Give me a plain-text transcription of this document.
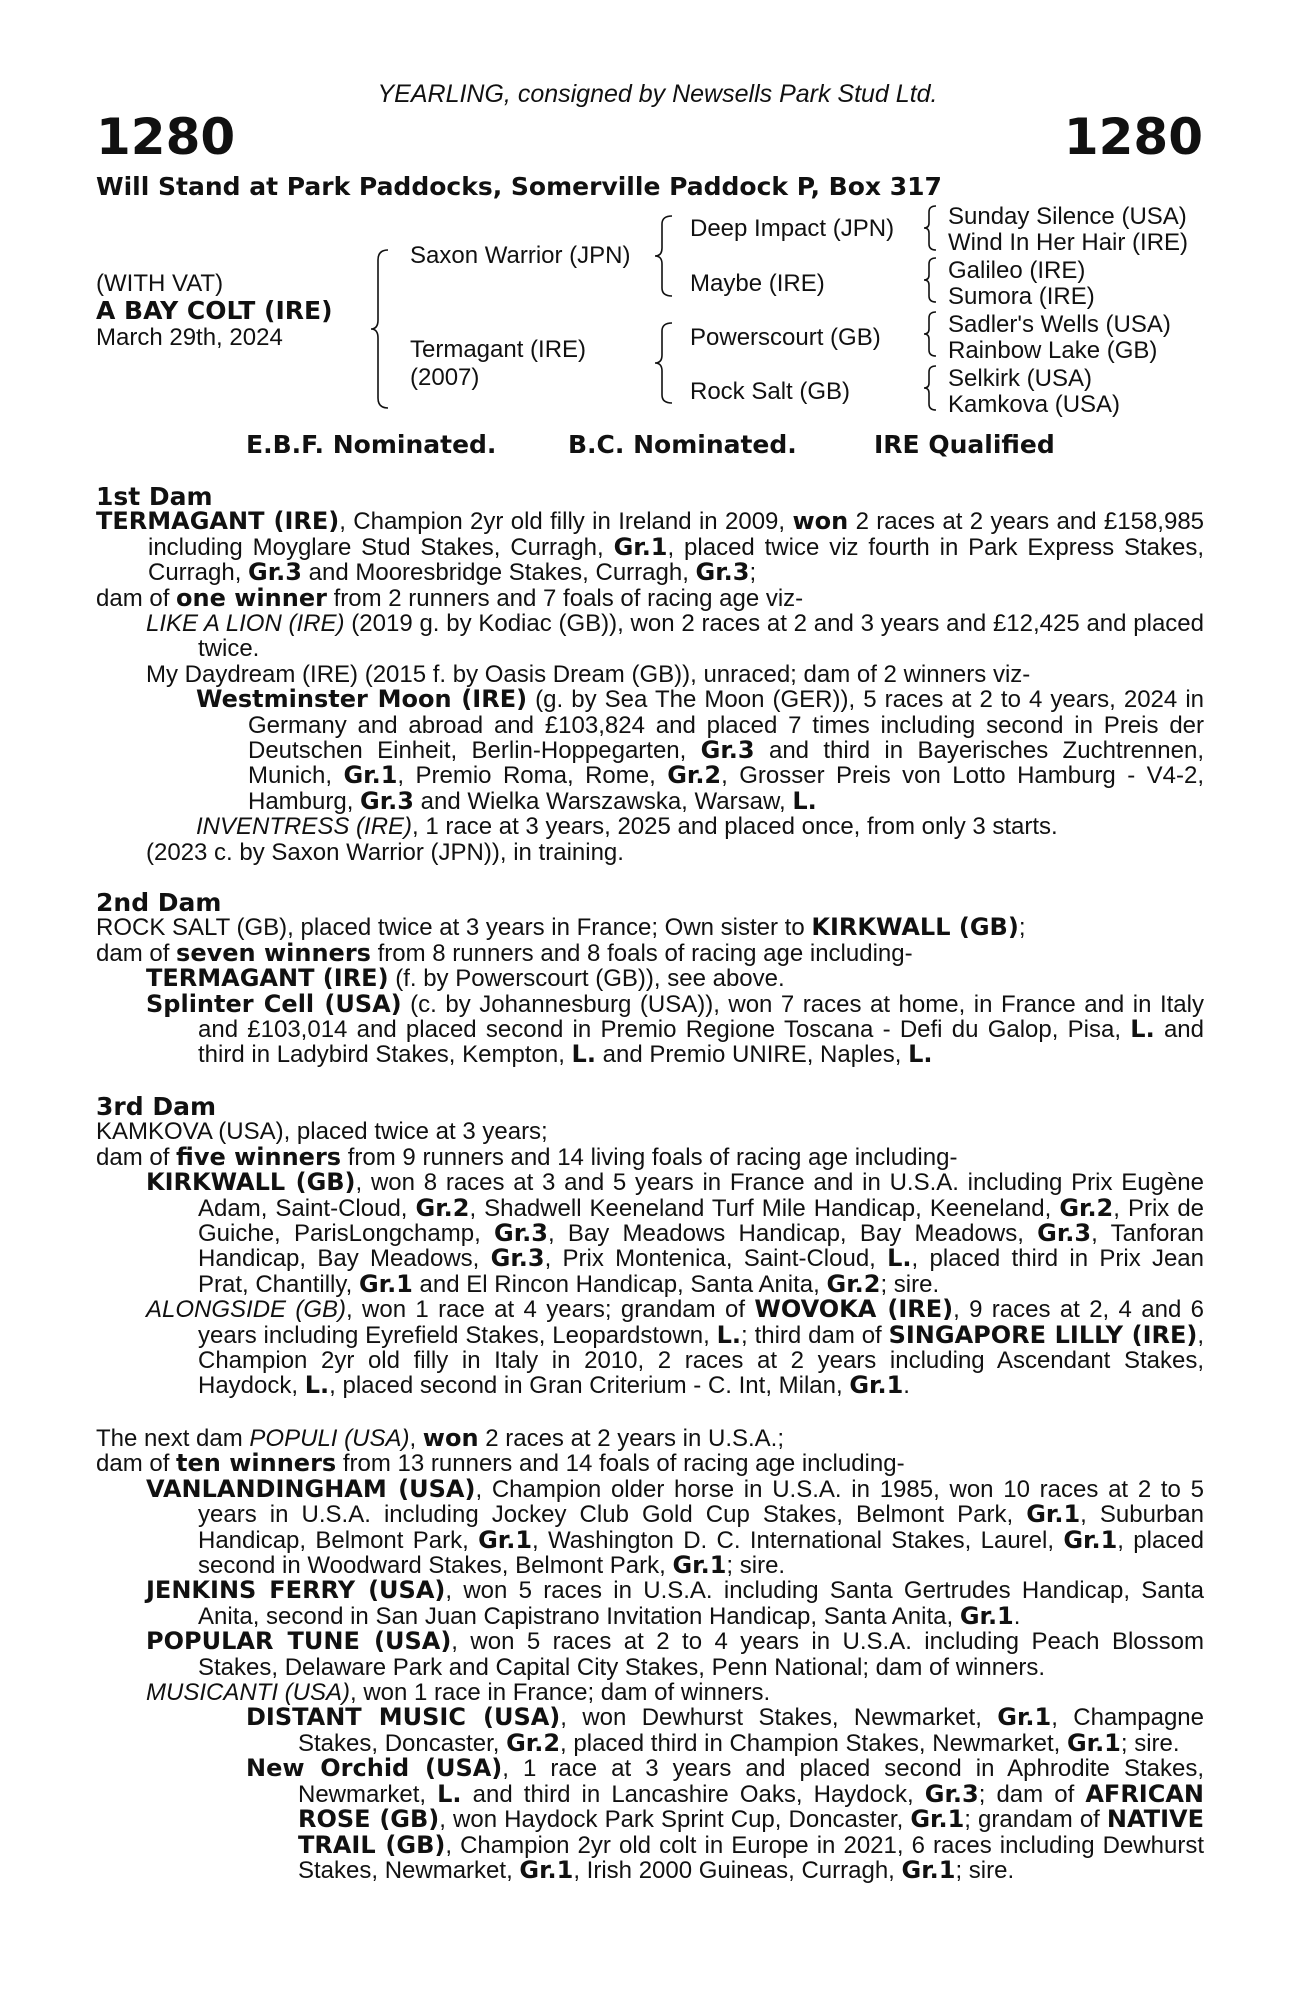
YEARLING, consigned by Newsells Park Stud Ltd.
1280	1280
Will Stand at Park Paddocks, Somerville Paddock P, Box 317
(WITH VAT)
A BAY COLT (IRE)
March 29th, 2024
Saxon Warrior (JPN)
Termagant (IRE)
(2007)
Deep Impact (JPN)
Maybe (IRE)
Powerscourt (GB)
Rock Salt (GB)
Sunday Silence (USA)
Wind In Her Hair (IRE)
Galileo (IRE)
Sumora (IRE)
Sadler's Wells (USA)
Rainbow Lake (GB)
Selkirk (USA)
Kamkova (USA)
E.B.F. Nominated.	B.C. Nominated.	IRE Qualified
1st Dam

TERMAGANT (IRE), Champion 2yr old filly in Ireland in 2009, won 2 races at 2 years and £158,985 including Moyglare Stud Stakes, Curragh, Gr.1, placed twice viz fourth in Park Express Stakes, Curragh, Gr.3 and Mooresbridge Stakes, Curragh, Gr.3;

dam of one winner from 2 runners and 7 foals of racing age viz-

LIKE A LION (IRE) (2019 g. by Kodiac (GB)), won 2 races at 2 and 3 years and £12,425 and placed twice.

My Daydream (IRE) (2015 f. by Oasis Dream (GB)), unraced; dam of 2 winners viz-

Westminster Moon (IRE) (g. by Sea The Moon (GER)), 5 races at 2 to 4 years, 2024 in Germany and abroad and £103,824 and placed 7 times including second in Preis der Deutschen Einheit, Berlin-Hoppegarten, Gr.3 and third in Bayerisches Zuchtrennen, Munich, Gr.1, Premio Roma, Rome, Gr.2, Grosser Preis von Lotto Hamburg - V4-2, Hamburg, Gr.3 and Wielka Warszawska, Warsaw, L.

INVENTRESS (IRE), 1 race at 3 years, 2025 and placed once, from only 3 starts.

(2023 c. by Saxon Warrior (JPN)), in training.

2nd Dam

ROCK SALT (GB), placed twice at 3 years in France; Own sister to KIRKWALL (GB);

dam of seven winners from 8 runners and 8 foals of racing age including-

TERMAGANT (IRE) (f. by Powerscourt (GB)), see above.

Splinter Cell (USA) (c. by Johannesburg (USA)), won 7 races at home, in France and in Italy and £103,014 and placed second in Premio Regione Toscana - Defi du Galop, Pisa, L. and third in Ladybird Stakes, Kempton, L. and Premio UNIRE, Naples, L.

3rd Dam

KAMKOVA (USA), placed twice at 3 years;

dam of five winners from 9 runners and 14 living foals of racing age including-

KIRKWALL (GB), won 8 races at 3 and 5 years in France and in U.S.A. including Prix Eugène Adam, Saint-Cloud, Gr.2, Shadwell Keeneland Turf Mile Handicap, Keeneland, Gr.2, Prix de Guiche, ParisLongchamp, Gr.3, Bay Meadows Handicap, Bay Meadows, Gr.3, Tanforan Handicap, Bay Meadows, Gr.3, Prix Montenica, Saint-Cloud, L., placed third in Prix Jean Prat, Chantilly, Gr.1 and El Rincon Handicap, Santa Anita, Gr.2; sire.

ALONGSIDE (GB), won 1 race at 4 years; grandam of WOVOKA (IRE), 9 races at 2, 4 and 6 years including Eyrefield Stakes, Leopardstown, L.; third dam of SINGAPORE LILLY (IRE), Champion 2yr old filly in Italy in 2010, 2 races at 2 years including Ascendant Stakes, Haydock, L., placed second in Gran Criterium - C. Int, Milan, Gr.1.

The next dam POPULI (USA), won 2 races at 2 years in U.S.A.;

dam of ten winners from 13 runners and 14 foals of racing age including-

VANLANDINGHAM (USA), Champion older horse in U.S.A. in 1985, won 10 races at 2 to 5 years in U.S.A. including Jockey Club Gold Cup Stakes, Belmont Park, Gr.1, Suburban Handicap, Belmont Park, Gr.1, Washington D. C. International Stakes, Laurel, Gr.1, placed second in Woodward Stakes, Belmont Park, Gr.1; sire.

JENKINS FERRY (USA), won 5 races in U.S.A. including Santa Gertrudes Handicap, Santa Anita, second in San Juan Capistrano Invitation Handicap, Santa Anita, Gr.1.

POPULAR TUNE (USA), won 5 races at 2 to 4 years in U.S.A. including Peach Blossom Stakes, Delaware Park and Capital City Stakes, Penn National; dam of winners.

MUSICANTI (USA), won 1 race in France; dam of winners.

DISTANT MUSIC (USA), won Dewhurst Stakes, Newmarket, Gr.1, Champagne Stakes, Doncaster, Gr.2, placed third in Champion Stakes, Newmarket, Gr.1; sire.

New Orchid (USA), 1 race at 3 years and placed second in Aphrodite Stakes, Newmarket, L. and third in Lancashire Oaks, Haydock, Gr.3; dam of AFRICAN ROSE (GB), won Haydock Park Sprint Cup, Doncaster, Gr.1; grandam of NATIVE TRAIL (GB), Champion 2yr old colt in Europe in 2021, 6 races including Dewhurst Stakes, Newmarket, Gr.1, Irish 2000 Guineas, Curragh, Gr.1; sire.
